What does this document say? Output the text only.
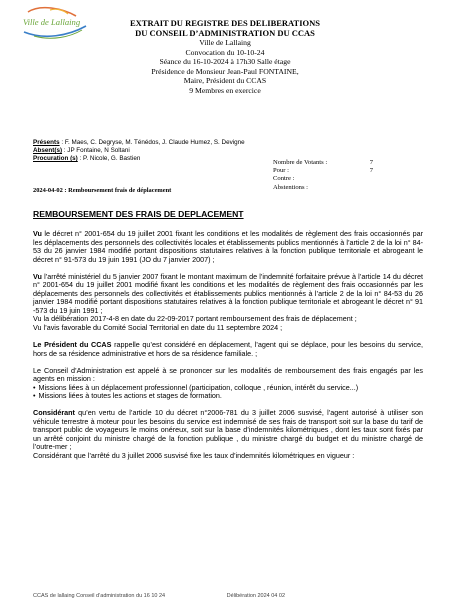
Ville de Lallaing	EXTRAIT DU REGISTRE DES DELIBERATIONS
DU CONSEIL D’ADMINISTRATION DU CCAS
Ville de Lallaing
Convocation du 10-10-24
Séance du 16-10-2024 à 17h30 Salle étage
Présidence de Monsieur Jean-Paul FONTAINE,
Maire, Président du CCAS
9 Membres en exercice
Présents : F. Maes, C. Degryse, M. Ténédos, J. Claude Humez, S. Devigne
Absent(s) : JP Fontaine, N Soltani
Procuration (s) : P. Nicole, G. Bastien
Nombre de Votants :	7
Pour :	7
Contre :
Abstentions :
2024-04-02 : Remboursement frais de déplacement
REMBOURSEMENT DES FRAIS DE DEPLACEMENT

Vu le décret n° 2001-654 du 19 juillet 2001 fixant les conditions et les modalités de règlement des frais occasionnés par les déplacements des personnels des collectivités locales et établissements publics mentionnés à l’article 2 de la loi n° 84-53 du 26 janvier 1984 modifié portant dispositions statutaires relatives à la fonction publique territoriale et abrogeant le décret n° 91-573 du 19 juin 1991 (JO du 7 janvier 2007) ;

Vu l’arrêté ministériel du 5 janvier 2007 fixant le montant maximum de l’indemnité forfaitaire prévue à l’article 14 du décret n° 2001-654 du 19 juillet 2001 modifié fixant les conditions et les modalités de règlement des frais occasionnés par les déplacements des personnels des collectivités et établissements publics mentionnés à l’article 2 de la loi n° 84-53 du 26 janvier 1984 modifié portant dispositions statutaires relatives à la fonction publique territoriale et abrogeant le décret n° 91 -573 du 19 juin 1991 ;

Vu la délibération 2017-4-8 en date du 22-09-2017 portant remboursement des frais de déplacement ;

Vu l’avis favorable du Comité Social Territorial en date du 11 septembre 2024 ;

Le Président du CCAS rappelle qu’est considéré en déplacement, l’agent qui se déplace, pour les besoins du service, hors de sa résidence administrative et hors de sa résidence familiale. ;

Le Conseil d’Administration est appelé à se prononcer sur les modalités de remboursement des frais engagés par les agents en mission :

• Missions liées à un déplacement professionnel (participation, colloque , réunion, intérêt du service...)

• Missions liées à toutes les actions et stages de formation.

Considérant qu’en vertu de l’article 10 du décret n°2006-781 du 3 juillet 2006 susvisé, l’agent autorisé à utiliser son véhicule terrestre à moteur pour les besoins du service est indemnisé de ses frais de transport soit sur la base du tarif de transport public de voyageurs le moins onéreux, soit sur la base d’indemnités kilométriques , dont les taux sont fixés par un arrêté conjoint du ministre chargé de la fonction publique , du ministre chargé du budget et du ministre chargé de l’outre-mer ;

Considérant que l’arrêté du 3 juillet 2006 susvisé fixe les taux d’indemnités kilométriques en vigueur :

CCAS de lallaing Conseil d’administration du 16 10 24	Délibération 2024 04 02
